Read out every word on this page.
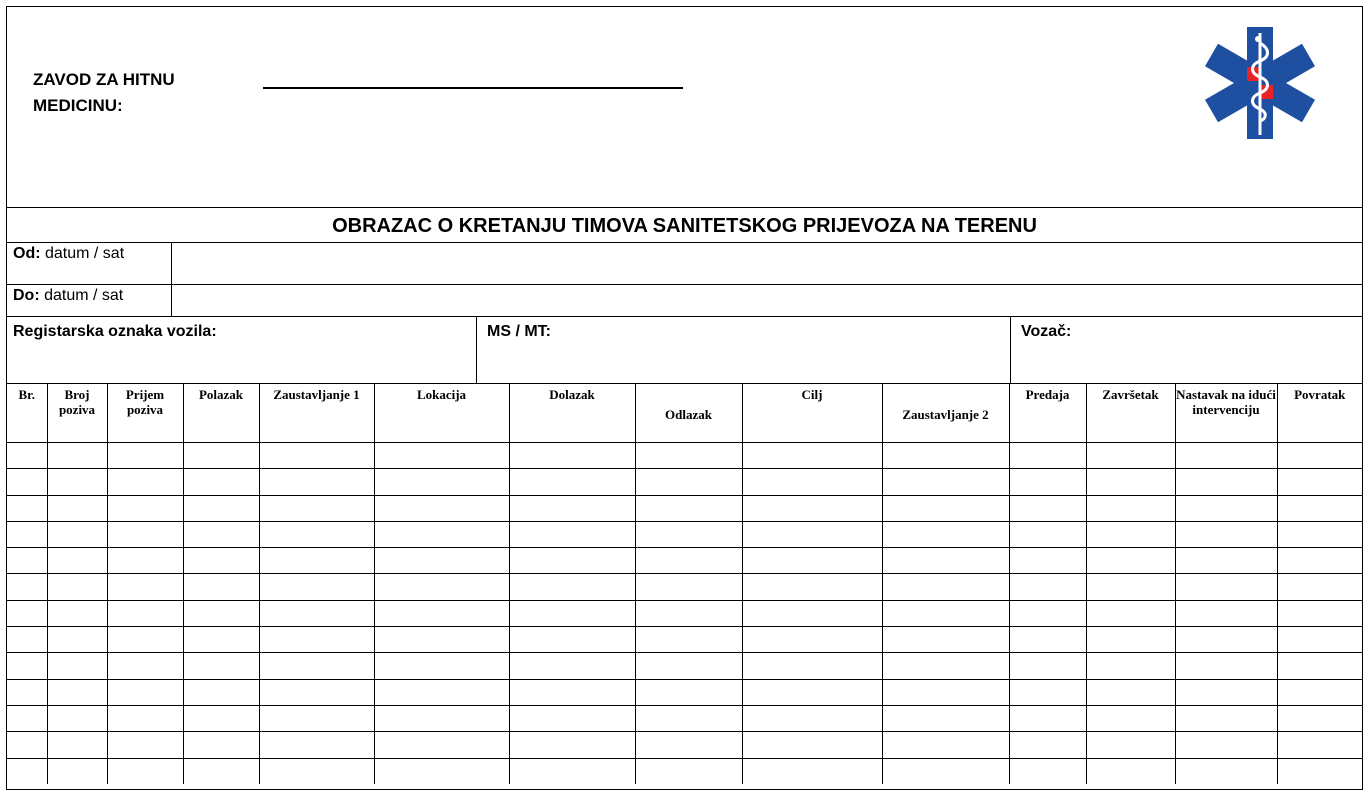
ZAVOD ZA HITNU
MEDICINU:
OBRAZAC O KRETANJU TIMOVA SANITETSKOG PRIJEVOZA NA TERENU
Od: datum / sat
Do: datum / sat
Registarska oznaka vozila:	MS / MT:	Vozač:
Br.	Broj poziva	Prijem poziva	Polazak	Zaustavljanje 1	Lokacija	Dolazak	Odlazak	Cilj	Zaustavljanje 2	Predaja	Završetak	Nastavak na idući intervenciju	Povratak
